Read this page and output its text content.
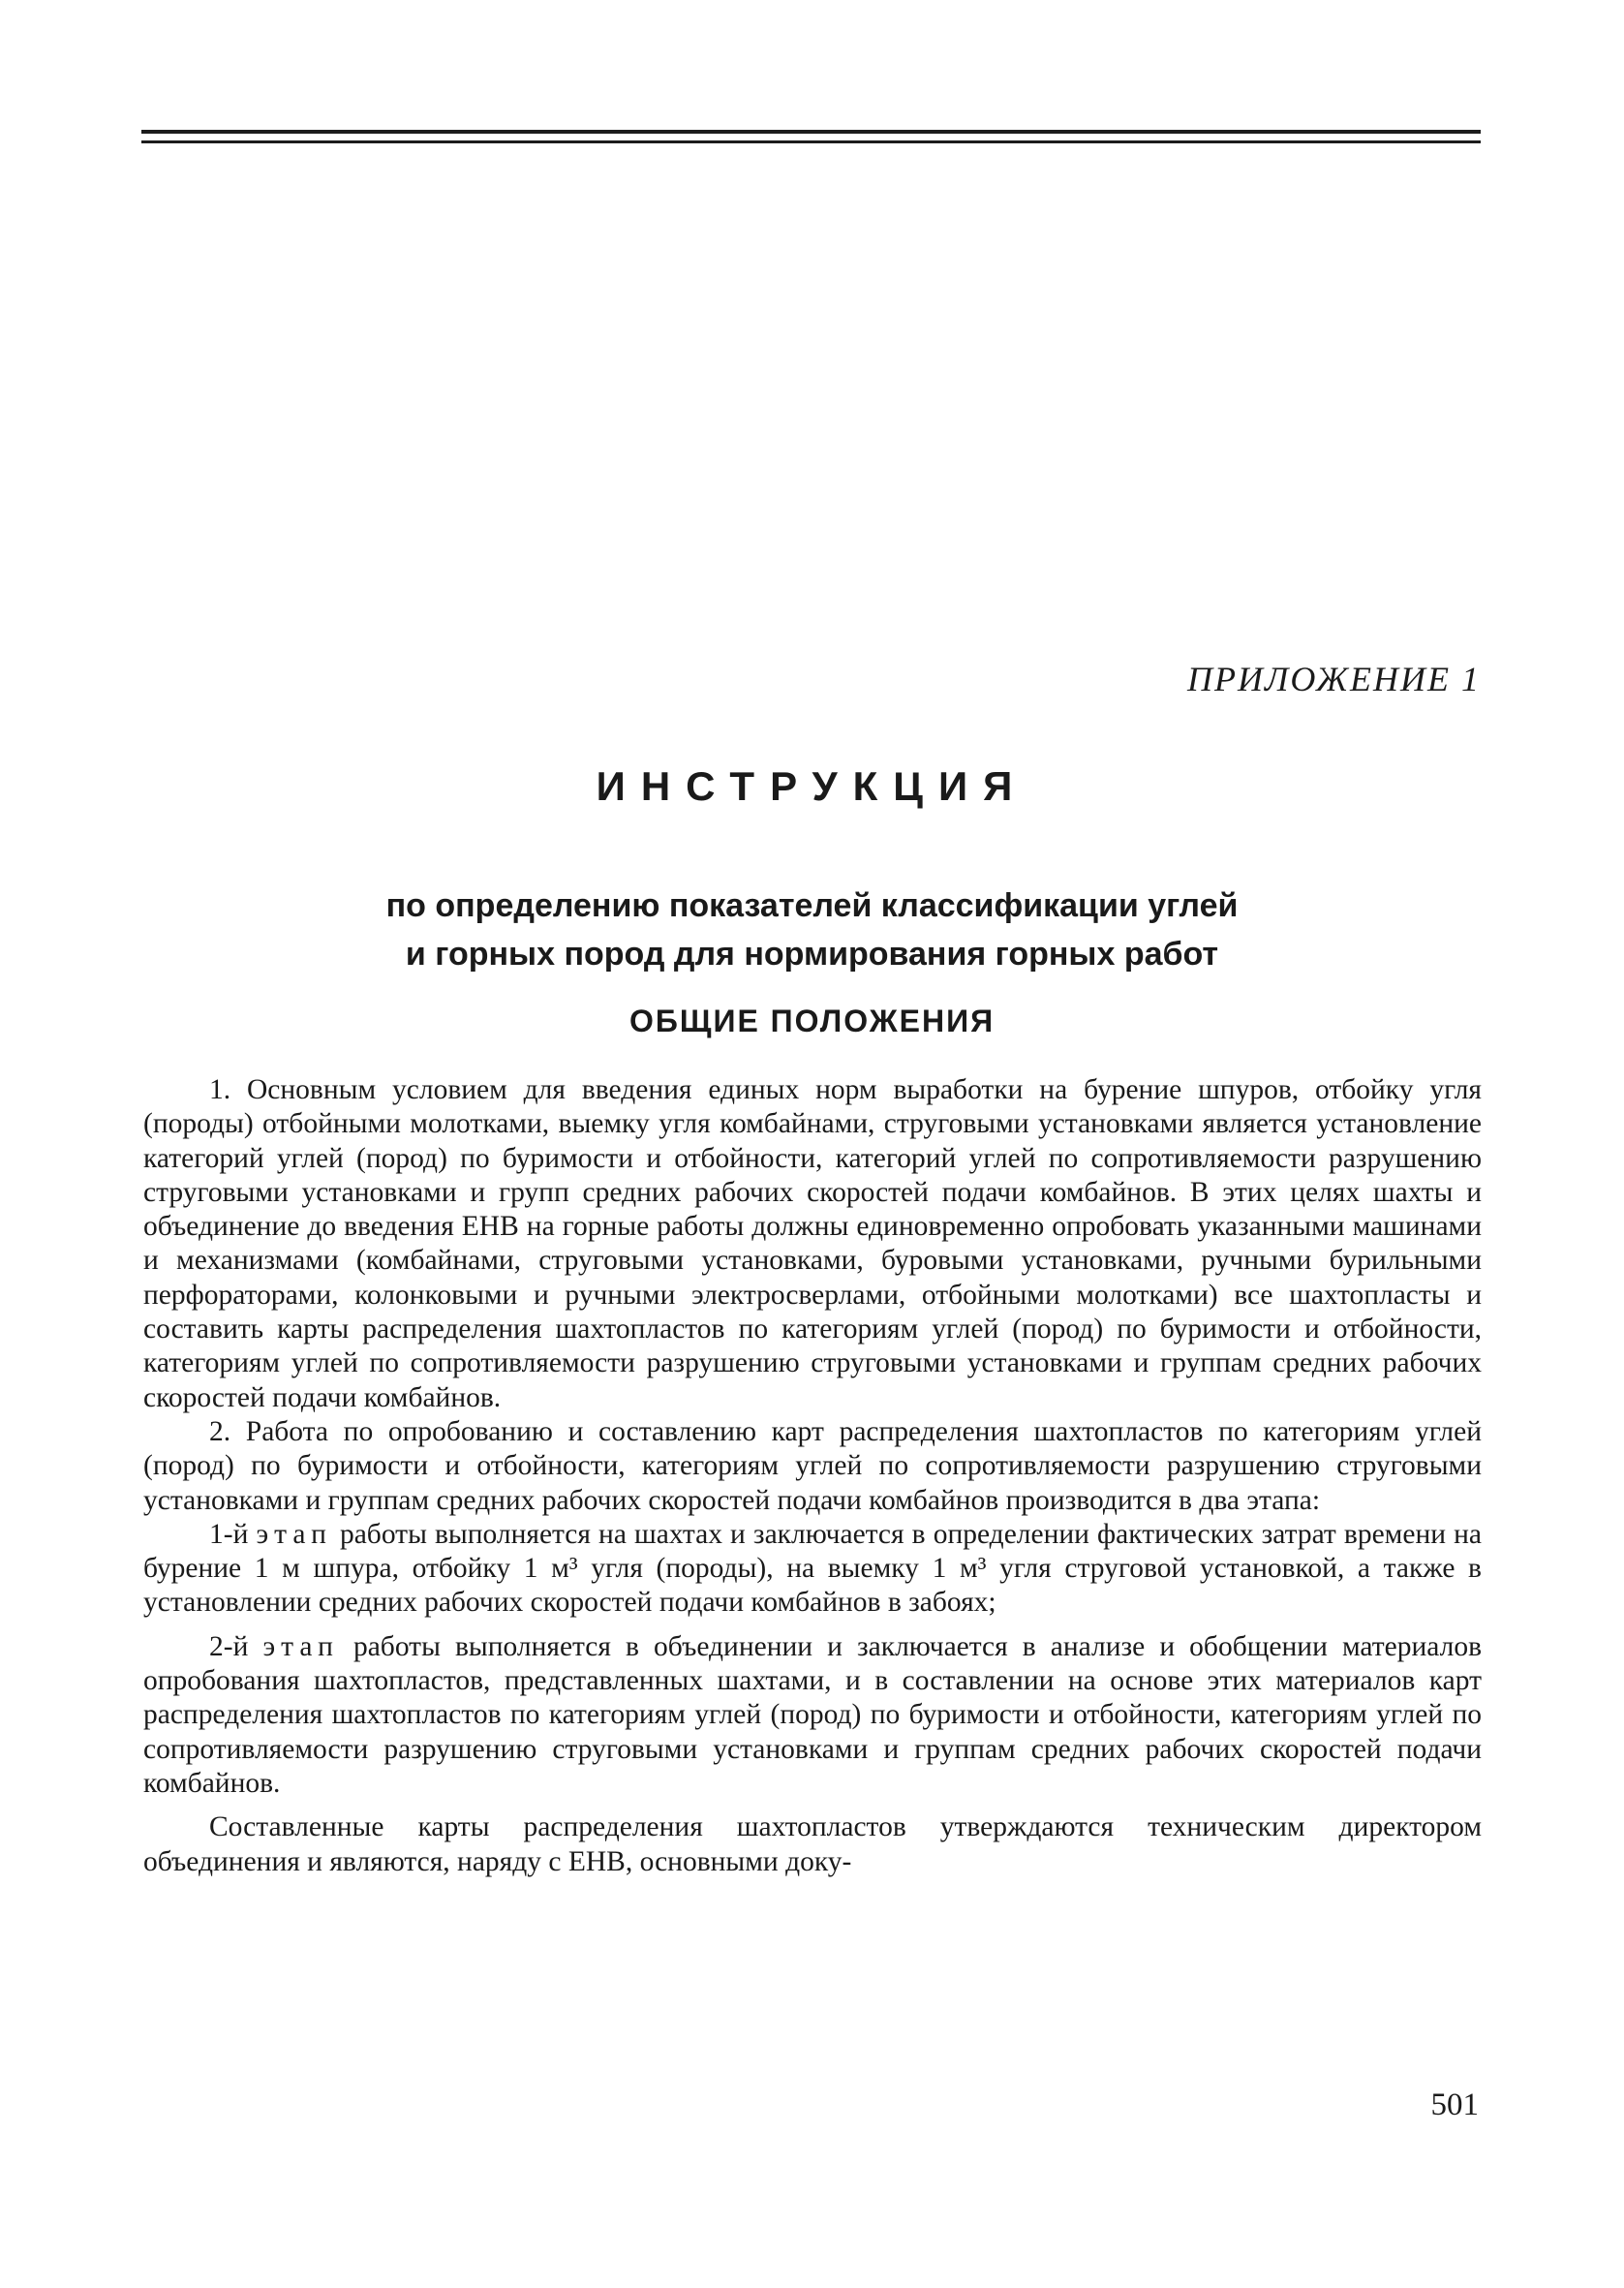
ПРИЛОЖЕНИЕ 1
ИНСТРУКЦИЯ
по определению показателей классификации углей
и горных пород для нормирования горных работ
ОБЩИЕ ПОЛОЖЕНИЯ

1. Основным условием для введения единых норм выработки на бурение шпуров, отбойку угля (породы) отбойными молотками, выемку угля комбайнами, струговыми установками является установление категорий углей (пород) по буримости и отбойности, категорий углей по сопротивляемости разрушению струговыми установками и групп средних рабочих скоростей подачи комбайнов. В этих целях шахты и объединение до введения ЕНВ на горные работы должны единовременно опробовать указанными машинами и механизмами (комбайнами, струговыми установками, буровыми установками, ручными бурильными перфораторами, колонковыми и ручными электросверлами, отбойными молотками) все шахтопласты и составить карты распределения шахтопластов по категориям углей (пород) по буримости и отбойности, категориям углей по сопротивляемости разрушению струговыми установками и группам средних рабочих скоростей подачи комбайнов.

2. Работа по опробованию и составлению карт распределения шахтопластов по категориям углей (пород) по буримости и отбойности, категориям углей по сопротивляемости разрушению струговыми установками и группам средних рабочих скоростей подачи комбайнов производится в два этапа:

1-й этап работы выполняется на шахтах и заключается в определении фактических затрат времени на бурение 1 м шпура, отбойку 1 м³ угля (породы), на выемку 1 м³ угля струговой установкой, а также в установлении средних рабочих скоростей подачи комбайнов в забоях;

2-й этап работы выполняется в объединении и заключается в анализе и обобщении материалов опробования шахтопластов, представленных шахтами, и в составлении на основе этих материалов карт распределения шахтопластов по категориям углей (пород) по буримости и отбойности, категориям углей по сопротивляемости разрушению струговыми установками и группам средних рабочих скоростей подачи комбайнов.

Составленные карты распределения шахтопластов утверждаются техническим директором объединения и являются, наряду с ЕНВ, основными доку-

501
